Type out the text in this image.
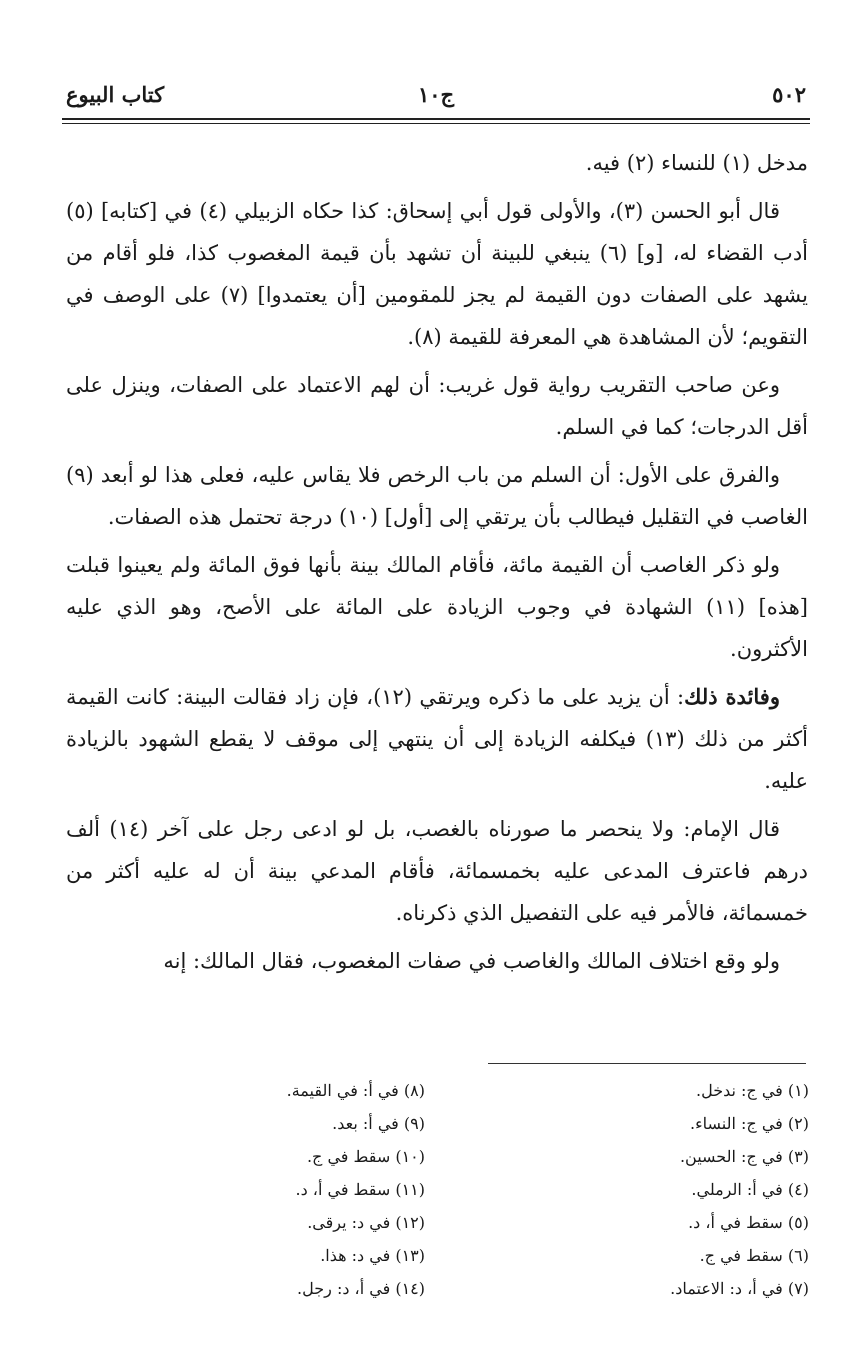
٥٠٢
ج١٠
كتاب البيوع

مدخل (١) للنساء (٢) فيه.

قال أبو الحسن (٣)، والأولى قول أبي إسحاق: كذا حكاه الزبيلي (٤) في [كتابه] (٥) أدب القضاء له، [و] (٦) ينبغي للبينة أن تشهد بأن قيمة المغصوب كذا، فلو أقام من يشهد على الصفات دون القيمة لم يجز للمقومين [أن يعتمدوا] (٧) على الوصف في التقويم؛ لأن المشاهدة هي المعرفة للقيمة (٨).

وعن صاحب التقريب رواية قول غريب: أن لهم الاعتماد على الصفات، وينزل على أقل الدرجات؛ كما في السلم.

والفرق على الأول: أن السلم من باب الرخص فلا يقاس عليه، فعلى هذا لو أبعد (٩) الغاصب في التقليل فيطالب بأن يرتقي إلى [أول] (١٠) درجة تحتمل هذه الصفات.

ولو ذكر الغاصب أن القيمة مائة، فأقام المالك بينة بأنها فوق المائة ولم يعينوا قبلت [هذه] (١١) الشهادة في وجوب الزيادة على المائة على الأصح، وهو الذي عليه الأكثرون.

وفائدة ذلك: أن يزيد على ما ذكره ويرتقي (١٢)، فإن زاد فقالت البينة: كانت القيمة أكثر من ذلك (١٣) فيكلفه الزيادة إلى أن ينتهي إلى موقف لا يقطع الشهود بالزيادة عليه.

قال الإمام: ولا ينحصر ما صورناه بالغصب، بل لو ادعى رجل على آخر (١٤) ألف درهم فاعترف المدعى عليه بخمسمائة، فأقام المدعي بينة أن له عليه أكثر من خمسمائة، فالأمر فيه على التفصيل الذي ذكرناه.

ولو وقع اختلاف المالك والغاصب في صفات المغصوب، فقال المالك: إنه

(١) في ج: ندخل.
(٢) في ج: النساء.
(٣) في ج: الحسين.
(٤) في أ: الرملي.
(٥) سقط في أ، د.
(٦) سقط في ج.
(٧) في أ، د: الاعتماد.
(٨) في أ: في القيمة.
(٩) في أ: بعد.
(١٠) سقط في ج.
(١١) سقط في أ، د.
(١٢) في د: يرقى.
(١٣) في د: هذا.
(١٤) في أ، د: رجل.
